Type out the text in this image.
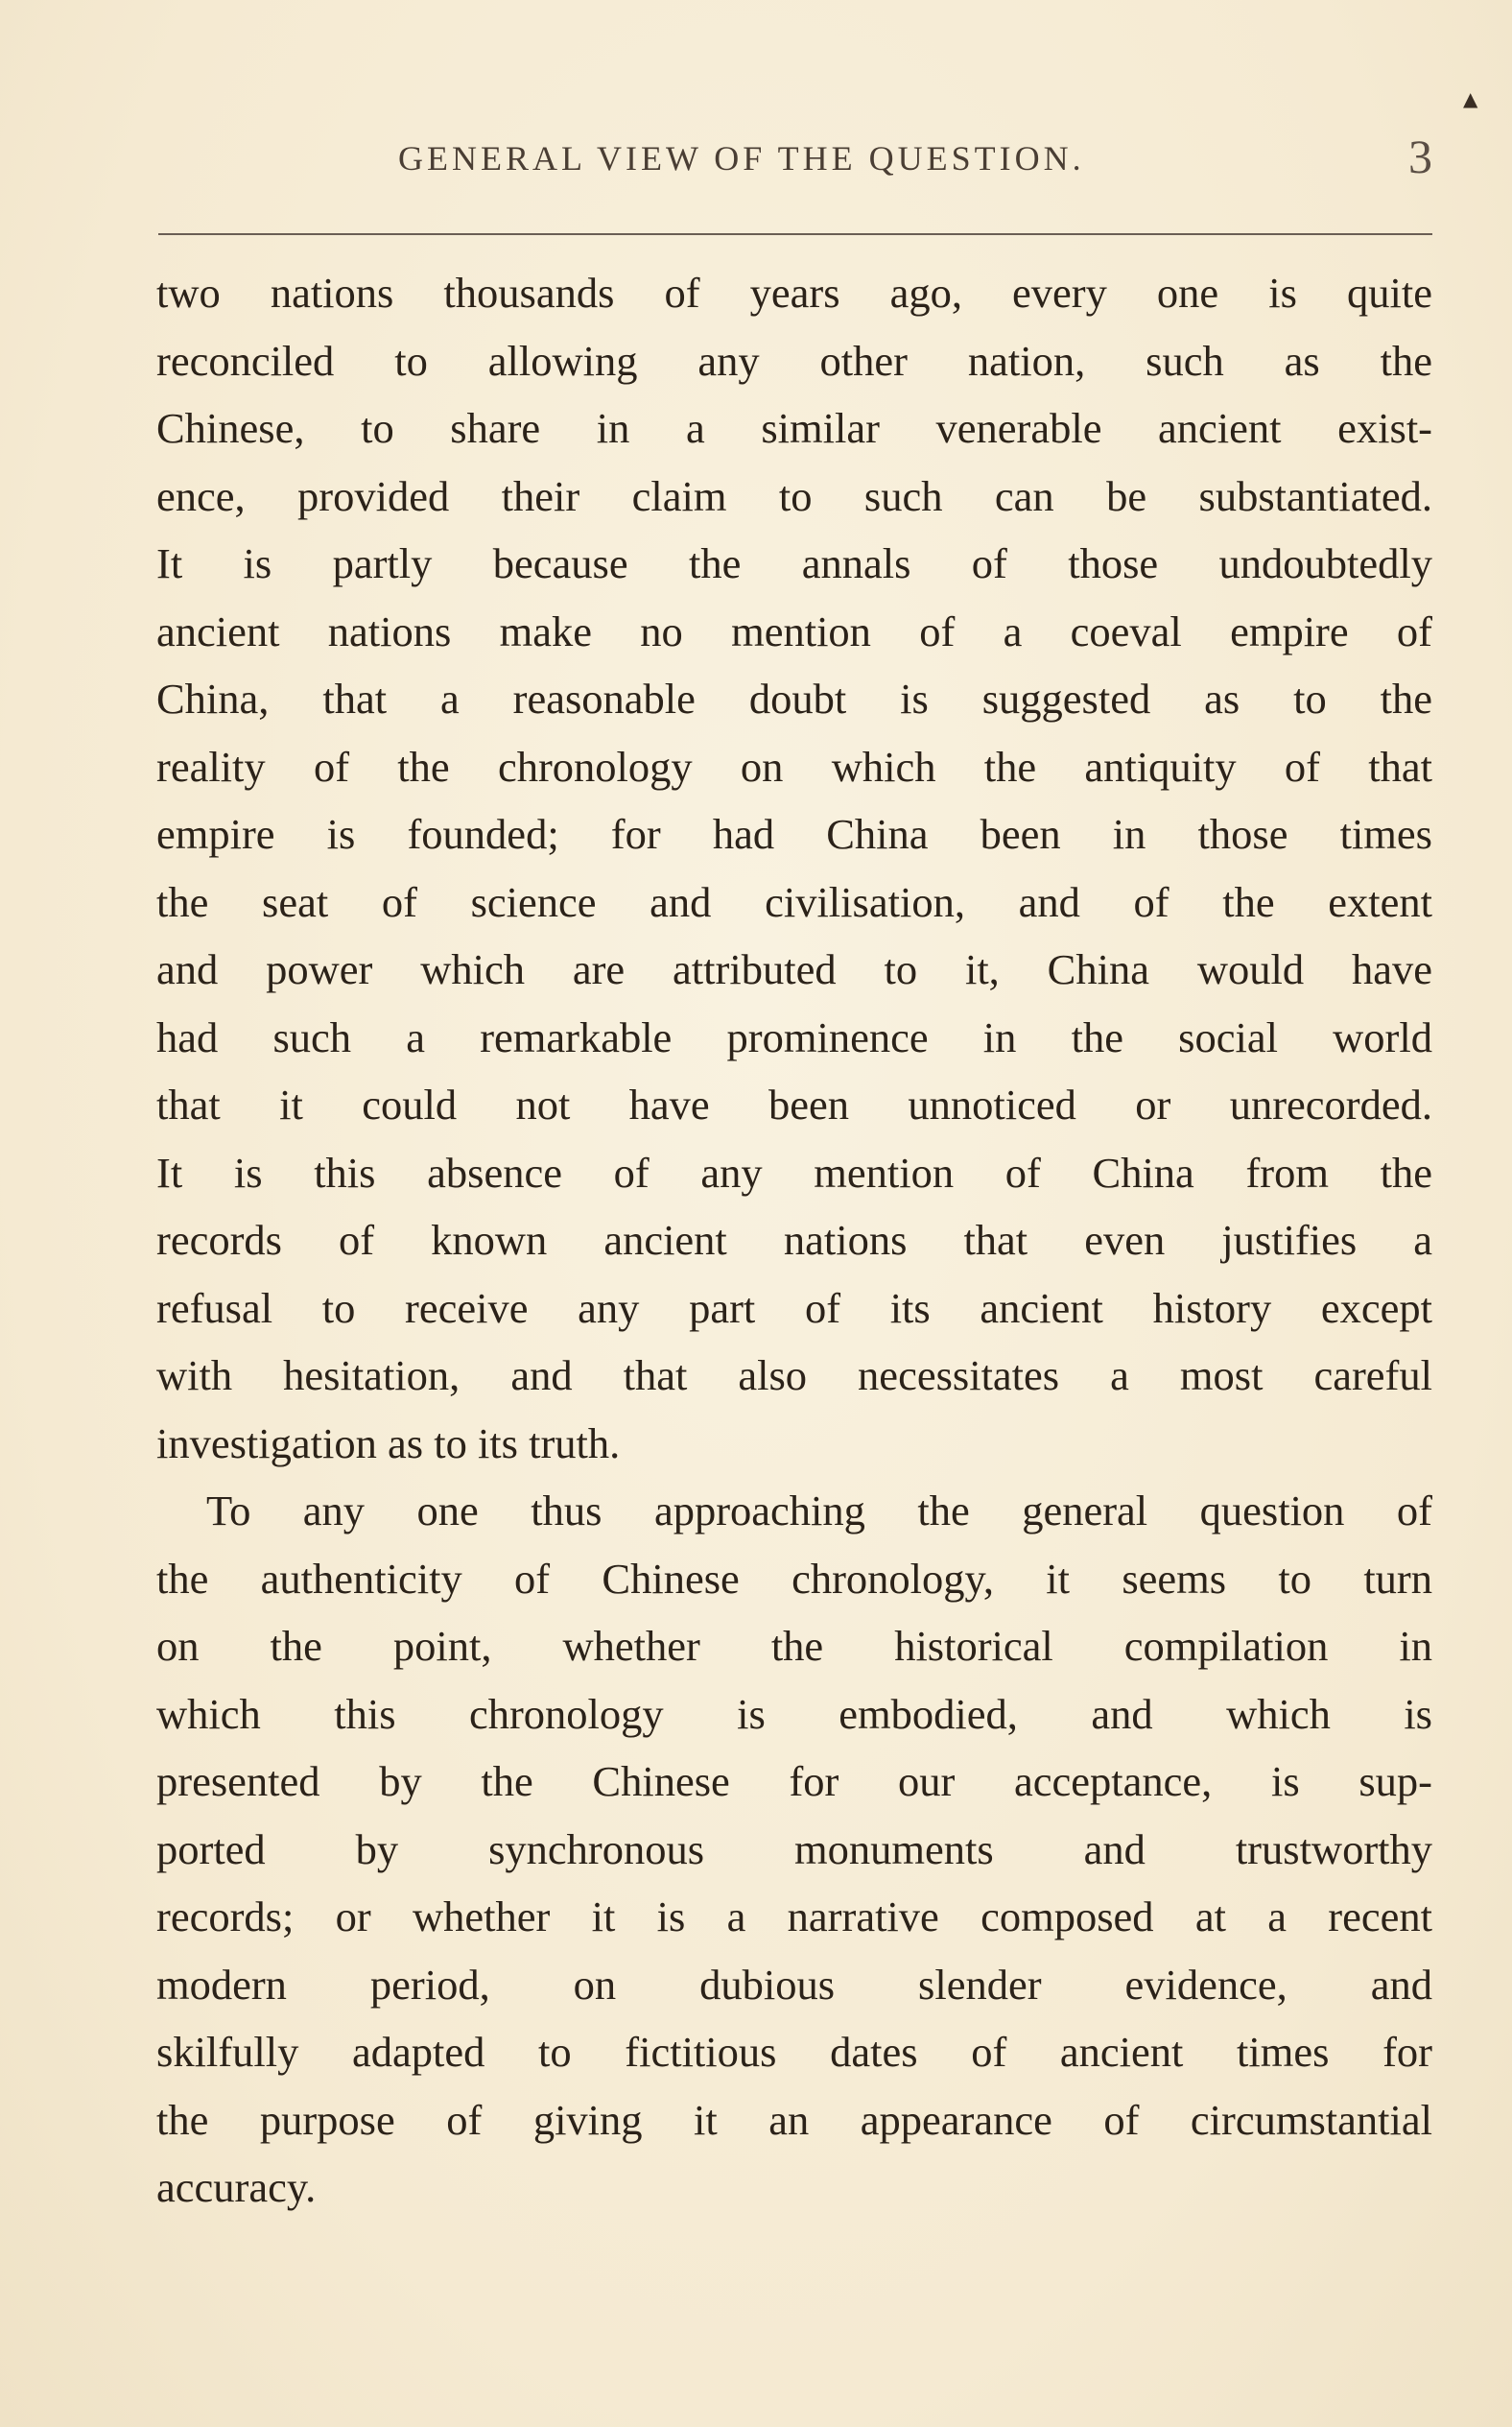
▲
GENERAL VIEW OF THE QUESTION.	3
two nations thousands of years ago, every one is quite
reconciled to allowing any other nation, such as the
Chinese, to share in a similar venerable ancient exist-
ence, provided their claim to such can be substantiated.
It is partly because the annals of those undoubtedly
ancient nations make no mention of a coeval empire of
China, that a reasonable doubt is suggested as to the
reality of the chronology on which the antiquity of that
empire is founded; for had China been in those times
the seat of science and civilisation, and of the extent
and power which are attributed to it, China would have
had such a remarkable prominence in the social world
that it could not have been unnoticed or unrecorded.
It is this absence of any mention of China from the
records of known ancient nations that even justifies a
refusal to receive any part of its ancient history except
with hesitation, and that also necessitates a most careful
investigation as to its truth.
To any one thus approaching the general question of
the authenticity of Chinese chronology, it seems to turn
on the point, whether the historical compilation in
which this chronology is embodied, and which is
presented by the Chinese for our acceptance, is sup-
ported by synchronous monuments and trustworthy
records; or whether it is a narrative composed at a recent
modern period, on dubious slender evidence, and
skilfully adapted to fictitious dates of ancient times for
the purpose of giving it an appearance of circumstantial
accuracy.
